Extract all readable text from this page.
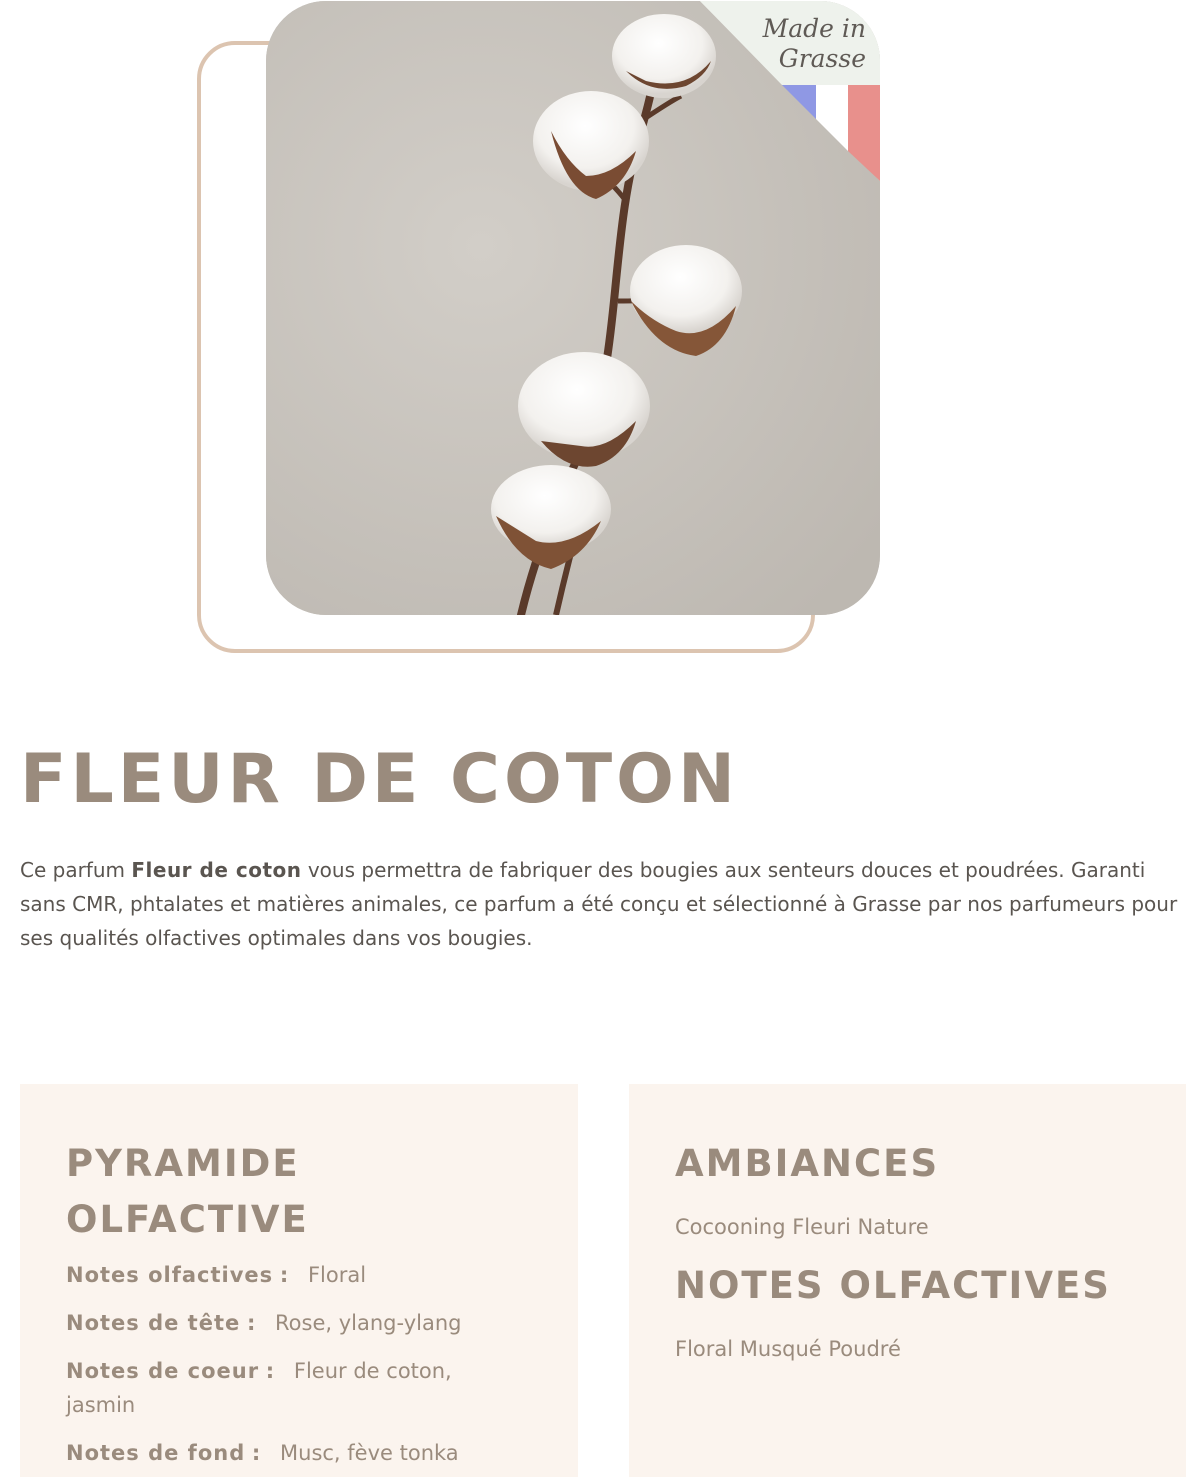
Made in
Grasse
FLEUR DE COTON

Ce parfum Fleur de coton vous permettra de fabriquer des bougies aux senteurs douces et poudrées. Garanti sans CMR, phtalates et matières animales, ce parfum a été conçu et sélectionné à Grasse par nos parfumeurs pour ses qualités olfactives optimales dans vos bougies.

PYRAMIDE OLFACTIVE
Notes olfactives : Floral
Notes de tête : Rose, ylang-ylang
Notes de coeur : Fleur de coton, jasmin
Notes de fond : Musc, fève tonka
AMBIANCES

Cocooning Fleuri Nature

NOTES OLFACTIVES

Floral Musqué Poudré
